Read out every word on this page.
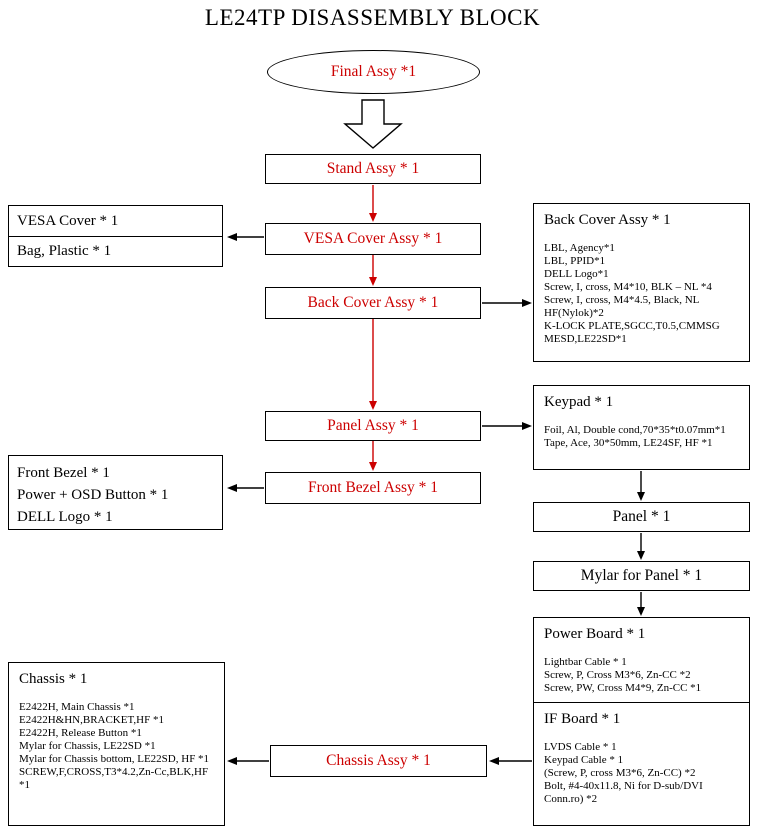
LE24TP DISASSEMBLY BLOCK
Final Assy *1
Stand Assy * 1
VESA Cover Assy * 1
Back Cover Assy * 1
Panel Assy * 1
Front Bezel Assy * 1
Chassis Assy * 1
Panel * 1
Mylar for Panel * 1
VESA Cover * 1
Bag, Plastic * 1
Back Cover Assy * 1
LBL, Agency*1
LBL, PPID*1
DELL Logo*1
Screw, I, cross, M4*10, BLK – NL *4
Screw, I, cross, M4*4.5, Black, NL HF(Nylok)*2
K-LOCK PLATE,SGCC,T0.5,CMMSG MESD,LE22SD*1
Keypad * 1
Foil, Al, Double cond,70*35*t0.07mm*1
Tape, Ace, 30*50mm, LE24SF, HF *1
Front Bezel * 1
Power + OSD Button * 1
DELL Logo * 1
Power Board * 1
Lightbar Cable * 1
Screw, P, Cross M3*6, Zn-CC *2
Screw, PW, Cross M4*9, Zn-CC *1
IF Board * 1
LVDS Cable * 1
Keypad Cable * 1
(Screw, P, cross M3*6, Zn-CC) *2
Bolt, #4-40x11.8, Ni for D-sub/DVI Conn.ro) *2
Chassis * 1
E2422H, Main Chassis *1
E2422H&HN,BRACKET,HF *1
E2422H, Release Button *1
Mylar for Chassis, LE22SD *1
Mylar for Chassis bottom, LE22SD, HF *1
SCREW,F,CROSS,T3*4.2,Zn-Cc,BLK,HF *1
